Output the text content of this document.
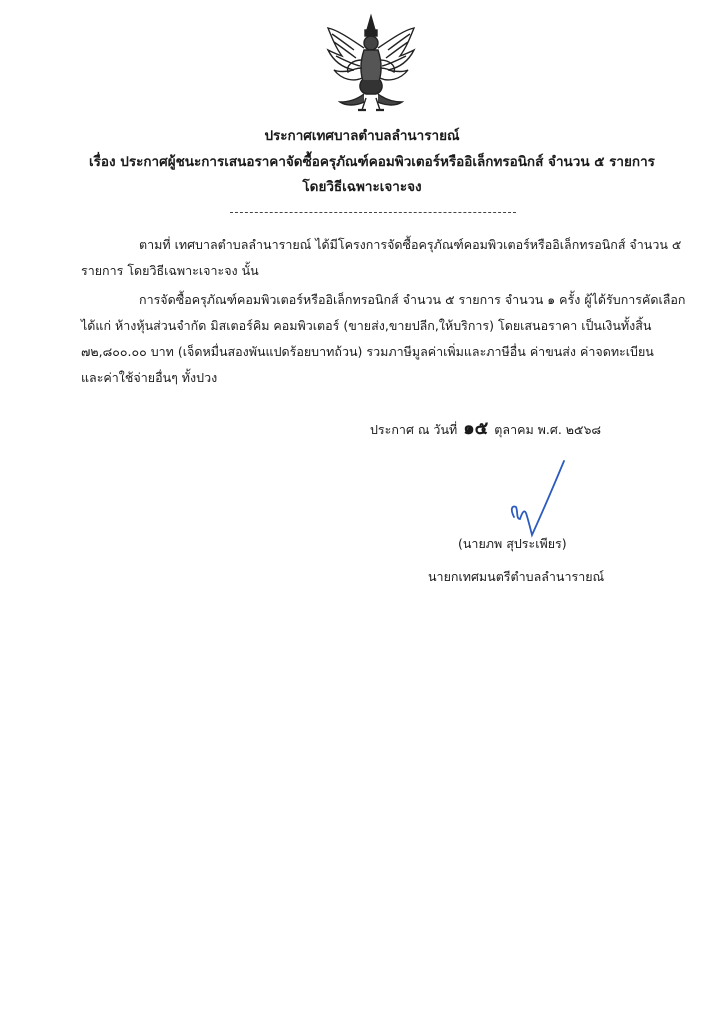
ประกาศเทศบาลตำบลลำนารายณ์
เรื่อง ประกาศผู้ชนะการเสนอราคาจัดซื้อครุภัณฑ์คอมพิวเตอร์หรืออิเล็กทรอนิกส์ จำนวน ๕ รายการ
โดยวิธีเฉพาะเจาะจง
ตามที่ เทศบาลตำบลลำนารายณ์ ได้มีโครงการจัดซื้อครุภัณฑ์คอมพิวเตอร์หรืออิเล็กทรอนิกส์ จำนวน ๕
รายการ โดยวิธีเฉพาะเจาะจง นั้น
การจัดซื้อครุภัณฑ์คอมพิวเตอร์หรืออิเล็กทรอนิกส์ จำนวน ๕ รายการ จำนวน ๑ ครั้ง ผู้ได้รับการคัดเลือก
ได้แก่ ห้างหุ้นส่วนจำกัด มิสเตอร์คิม คอมพิวเตอร์ (ขายส่ง,ขายปลีก,ให้บริการ) โดยเสนอราคา เป็นเงินทั้งสิ้น
๗๒,๘๐๐.๐๐ บาท (เจ็ดหมื่นสองพันแปดร้อยบาทถ้วน) รวมภาษีมูลค่าเพิ่มและภาษีอื่น ค่าขนส่ง ค่าจดทะเบียน
และค่าใช้จ่ายอื่นๆ ทั้งปวง
ประกาศ ณ วันที่ ๑๕ ตุลาคม พ.ศ. ๒๕๖๘
(นายภพ สุประเพียร)
นายกเทศมนตรีตำบลลำนารายณ์
